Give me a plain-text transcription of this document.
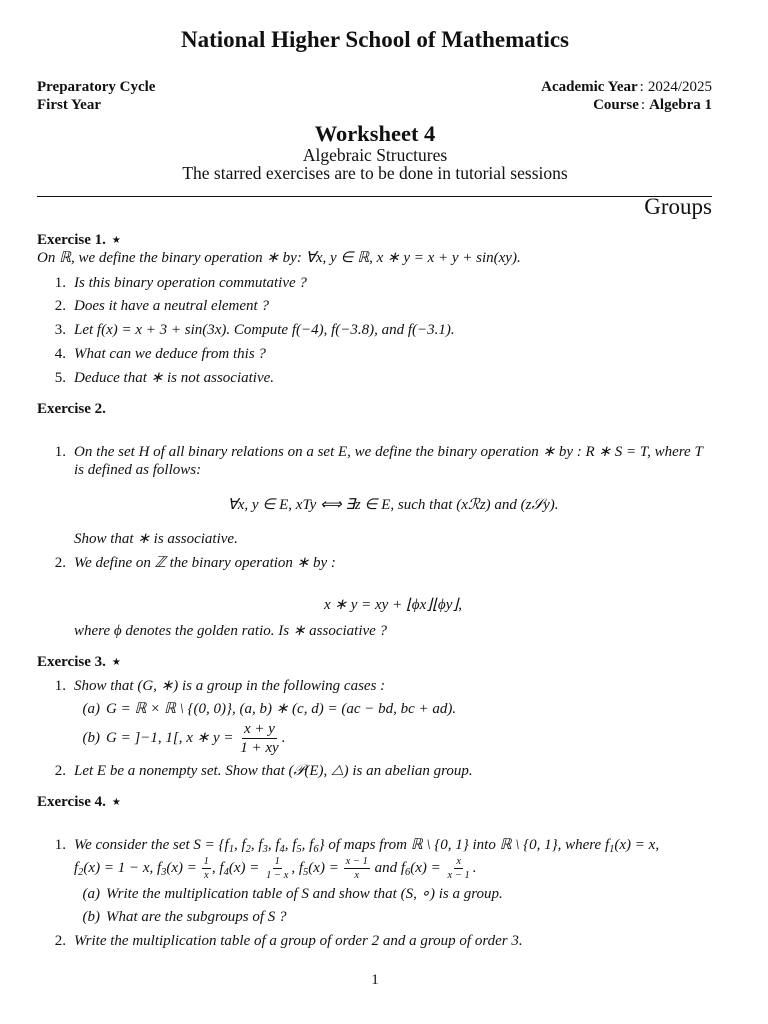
National Higher School of Mathematics
Preparatory Cycle
First Year
Academic Year : 2024/2025
Course : Algebra 1
Worksheet 4
Algebraic Structures
The starred exercises are to be done in tutorial sessions
Groups
Exercise 1. ★
On ℝ, we define the binary operation ∗ by: ∀x, y ∈ ℝ, x ∗ y = x + y + sin(xy).
1. Is this binary operation commutative ?
2. Does it have a neutral element ?
3. Let f(x) = x + 3 + sin(3x). Compute f(−4), f(−3.8), and f(−3.1).
4. What can we deduce from this ?
5. Deduce that ∗ is not associative.
Exercise 2.
1. On the set H of all binary relations on a set E, we define the binary operation ∗ by : R ∗ S = T, where T
is defined as follows:
∀x, y ∈ E, xTy ⟺ ∃z ∈ E, such that (xℛz) and (z𝒮y).
Show that ∗ is associative.
2. We define on ℤ the binary operation ∗ by :
x ∗ y = xy + ⌊ϕx⌋⌊ϕy⌋,
where ϕ denotes the golden ratio. Is ∗ associative ?
Exercise 3. ★
1. Show that (G, ∗) is a group in the following cases :
(a) G = ℝ × ℝ \ {(0, 0)}, (a, b) ∗ (c, d) = (ac − bd, bc + ad).
(b) G = ]−1, 1[, x ∗ $y = \frac{x + y}{1 + xy}$ .
2. Let E be a nonempty set. Show that (𝒫(E), △) is an abelian group.
Exercise 4. ★
1. We consider the set $S = \{f_1$, $f_2$, $f_3$, $f_4$, $f_5$, $f_6$} of maps from ℝ \ {0, 1} into ℝ \ {0, 1}, where $f_1(x) = x$,
$f_2(x) = 1 - x$, $f_3(x) = \frac{1}{x}$ , $f_4(x) = \frac{1}{1 - x}$ , $f_5(x) = \frac{x - 1}{x}$ and $f_6(x) = \frac{x}{x - 1}$ .
(a) Write the multiplication table of S and show that (S, ∘) is a group.
(b) What are the subgroups of S ?
2. Write the multiplication table of a group of order 2 and a group of order 3.
1
